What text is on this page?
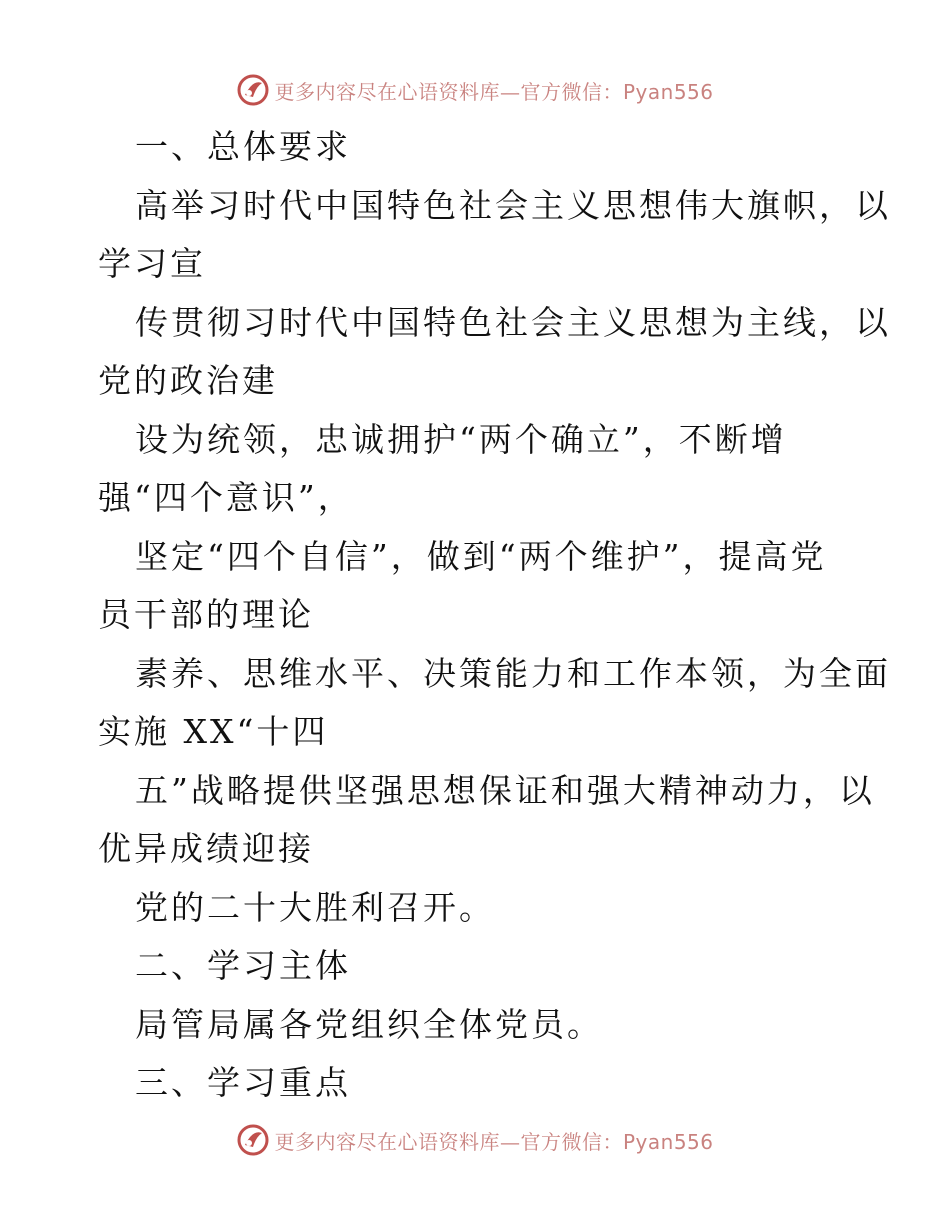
更多内容尽在心语资料库—官方微信：Pyan556
一、总体要求
高举习时代中国特色社会主义思想伟大旗帜，以
学习宣
传贯彻习时代中国特色社会主义思想为主线，以
党的政治建
设为统领，忠诚拥护“两个确立”，不断增
强“四个意识”，
坚定“四个自信”，做到“两个维护”，提高党
员干部的理论
素养、思维水平、决策能力和工作本领，为全面
实施 XX“十四
五”战略提供坚强思想保证和强大精神动力，以
优异成绩迎接
党的二十大胜利召开。
二、学习主体
局管局属各党组织全体党员。
三、学习重点
更多内容尽在心语资料库—官方微信：Pyan556
